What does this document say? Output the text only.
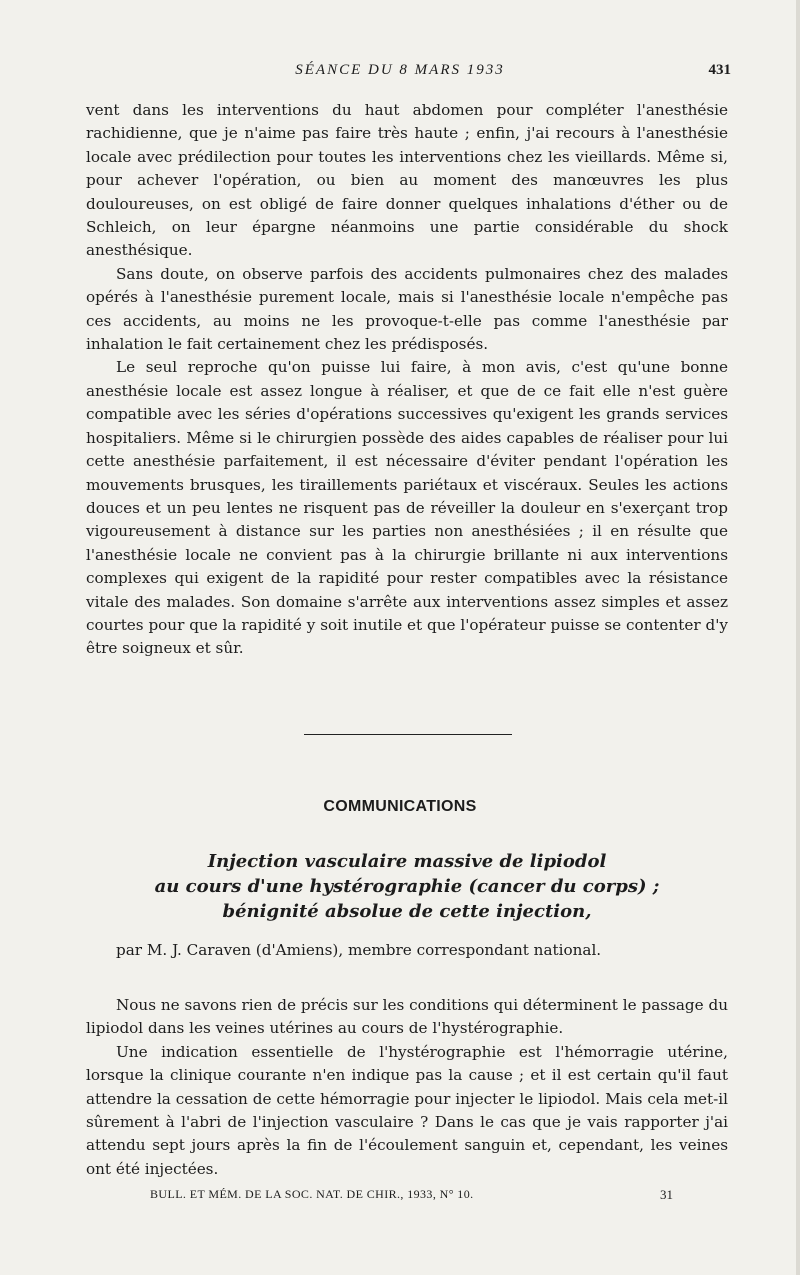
SÉANCE DU 8 MARS 1933	431

vent dans les interventions du haut abdomen pour compléter l'anesthésie rachidienne, que je n'aime pas faire très haute ; enfin, j'ai recours à l'anesthésie locale avec prédilection pour toutes les interventions chez les vieillards. Même si, pour achever l'opération, ou bien au moment des manœuvres les plus douloureuses, on est obligé de faire donner quelques inhalations d'éther ou de Schleich, on leur épargne néanmoins une partie considérable du shock anesthésique.

Sans doute, on observe parfois des accidents pulmonaires chez des malades opérés à l'anesthésie purement locale, mais si l'anesthésie locale n'empêche pas ces accidents, au moins ne les provoque-t-elle pas comme l'anesthésie par inhalation le fait certainement chez les prédisposés.

Le seul reproche qu'on puisse lui faire, à mon avis, c'est qu'une bonne anesthésie locale est assez longue à réaliser, et que de ce fait elle n'est guère compatible avec les séries d'opérations successives qu'exigent les grands services hospitaliers. Même si le chirurgien possède des aides capables de réaliser pour lui cette anesthésie parfaitement, il est nécessaire d'éviter pendant l'opération les mouvements brusques, les tiraillements pariétaux et viscéraux. Seules les actions douces et un peu lentes ne risquent pas de réveiller la douleur en s'exerçant trop vigoureusement à distance sur les parties non anesthésiées ; il en résulte que l'anesthésie locale ne convient pas à la chirurgie brillante ni aux interventions complexes qui exigent de la rapidité pour rester compatibles avec la résistance vitale des malades. Son domaine s'arrête aux interventions assez simples et assez courtes pour que la rapidité y soit inutile et que l'opérateur puisse se contenter d'y être soigneux et sûr.

COMMUNICATIONS
Injection vasculaire massive de lipiodol
au cours d'une hystérographie (cancer du corps) ;
bénignité absolue de cette injection,

par M. J. Caraven (d'Amiens), membre correspondant national.

Nous ne savons rien de précis sur les conditions qui déterminent le passage du lipiodol dans les veines utérines au cours de l'hystérographie.

Une indication essentielle de l'hystérographie est l'hémorragie utérine, lorsque la clinique courante n'en indique pas la cause ; et il est certain qu'il faut attendre la cessation de cette hémorragie pour injecter le lipiodol. Mais cela met-il sûrement à l'abri de l'injection vasculaire ? Dans le cas que je vais rapporter j'ai attendu sept jours après la fin de l'écoulement sanguin et, cependant, les veines ont été injectées.

BULL. ET MÉM. DE LA SOC. NAT. DE CHIR., 1933, N° 10.	31
